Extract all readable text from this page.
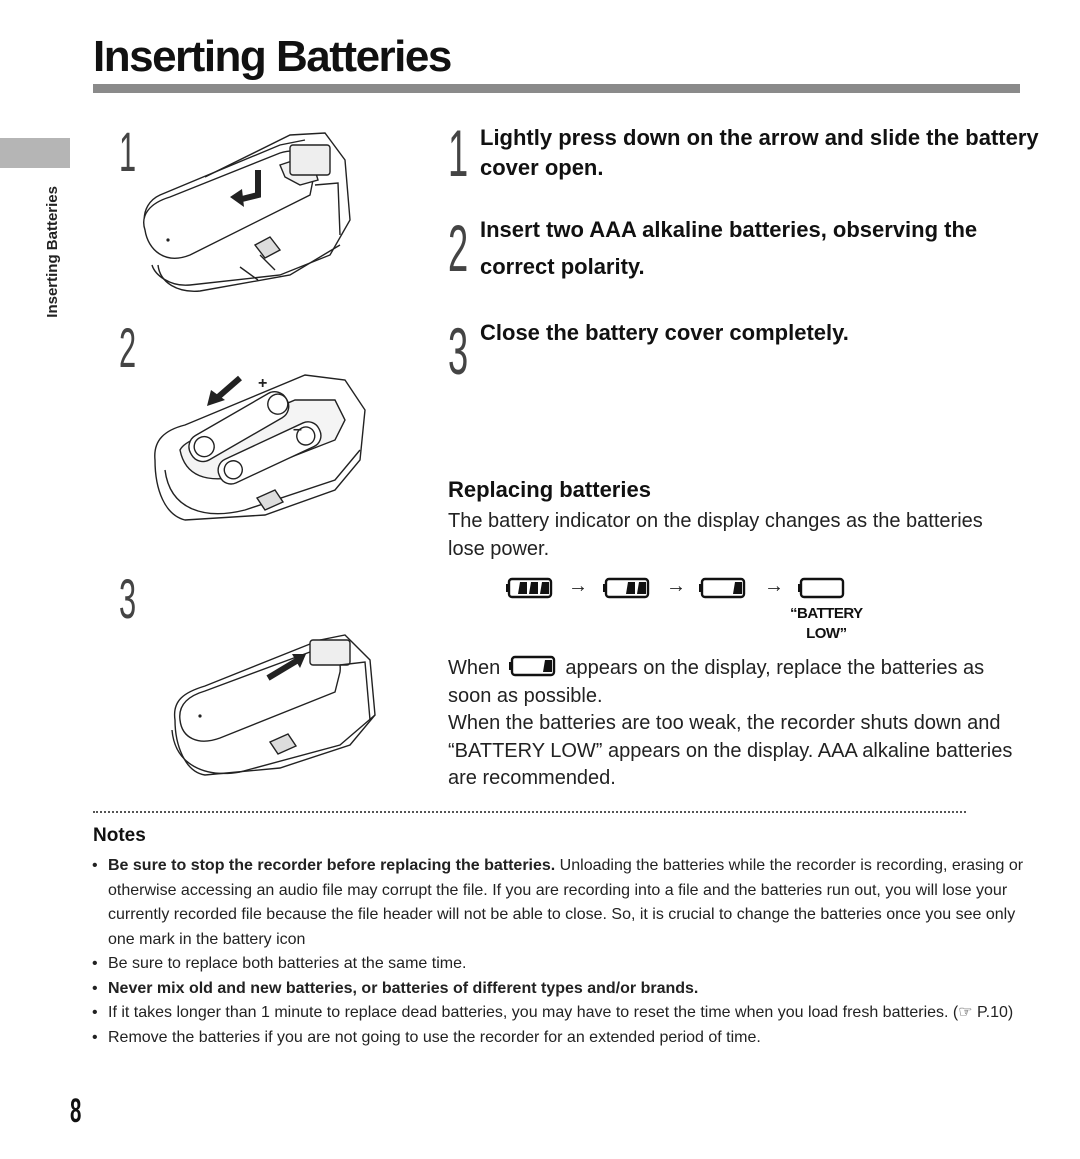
Inserting Batteries
Inserting Batteries
1
2
3
+
–
1 Lightly press down on the arrow and slide the battery cover open.
2 Insert two AAA alkaline batteries, observing the correct polarity.
3 Close the battery cover completely.
Replacing batteries
The battery indicator on the display changes as the batteries lose power.
→	→	→
“BATTERY
LOW”
When	appears on the display, replace the batteries as soon as possible.
When the batteries are too weak, the recorder shuts down and “BATTERY LOW” appears on the display. AAA alkaline batteries are recommended.
Notes
• Be sure to stop the recorder before replacing the batteries. Unloading the batteries while the recorder is recording, erasing or otherwise accessing an audio file may corrupt the file. If you are recording into a file and the batteries run out, you will lose your currently recorded file because the file header will not be able to close. So, it is crucial to change the batteries once you see only one mark in the battery icon
• Be sure to replace both batteries at the same time.
• Never mix old and new batteries, or batteries of different types and/or brands.
• If it takes longer than 1 minute to replace dead batteries, you may have to reset the time when you load fresh batteries. (☞ P.10)
• Remove the batteries if you are not going to use the recorder for an extended period of time.
8
